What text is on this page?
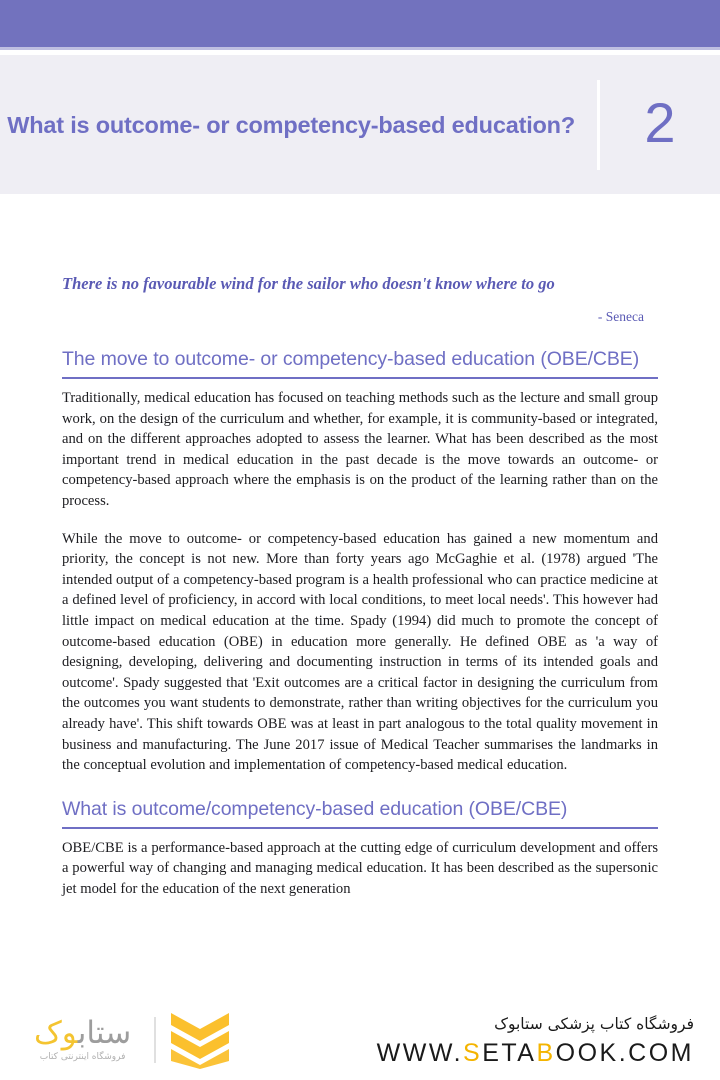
What is outcome- or competency-based education?	2
There is no favourable wind for the sailor who doesn't know where to go
- Seneca
The move to outcome- or competency-based education (OBE/CBE)

Traditionally, medical education has focused on teaching methods such as the lecture and small group work, on the design of the curriculum and whether, for example, it is community-based or integrated, and on the different approaches adopted to assess the learner. What has been described as the most important trend in medical education in the past decade is the move towards an outcome- or competency-based approach where the emphasis is on the product of the learning rather than on the process.

While the move to outcome- or competency-based education has gained a new momentum and priority, the concept is not new. More than forty years ago McGaghie et al. (1978) argued 'The intended output of a competency-based program is a health professional who can practice medicine at a defined level of proficiency, in accord with local conditions, to meet local needs'. This however had little impact on medical education at the time. Spady (1994) did much to promote the concept of outcome-based education (OBE) in education more generally. He defined OBE as 'a way of designing, developing, delivering and documenting instruction in terms of its intended goals and outcome'. Spady suggested that 'Exit outcomes are a critical factor in designing the curriculum from the outcomes you want students to demonstrate, rather than writing objectives for the curriculum you already have'. This shift towards OBE was at least in part analogous to the total quality movement in business and manufacturing. The June 2017 issue of Medical Teacher summarises the landmarks in the conceptual evolution and implementation of competency-based medical education.

What is outcome/competency-based education (OBE/CBE)

OBE/CBE is a performance-based approach at the cutting edge of curriculum development and offers a powerful way of changing and managing medical education. It has been described as the supersonic jet model for the education of the next generation

ستابوک
فروشگاه اینترنتی کتاب
فروشگاه کتاب پزشکی ستابوک
WWW.SETABOOK.COM
